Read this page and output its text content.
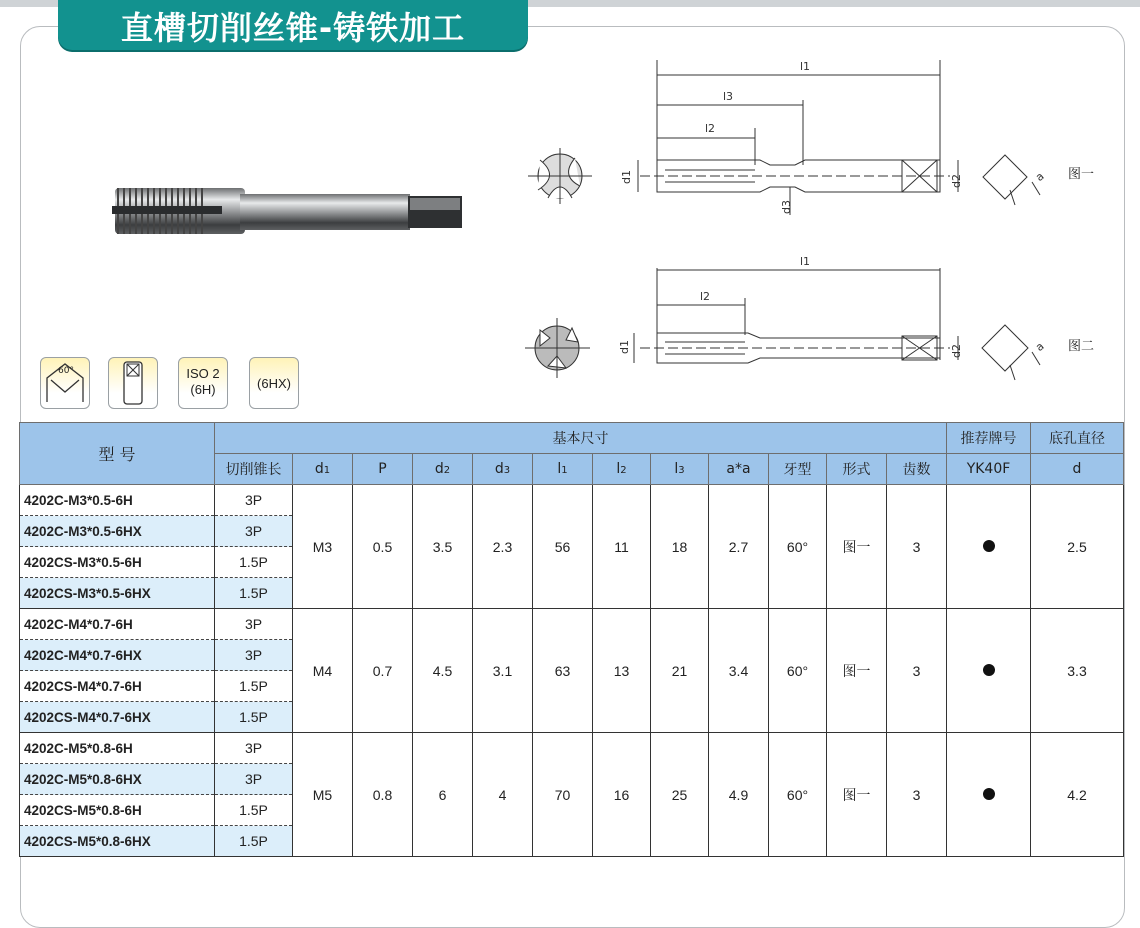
直槽切削丝锥-铸铁加工
l1
l3
l2
d1	d2
d3
a
l1
l2
d1	d2	a
图一
图二
60°	ISO 2
(6H)	(6HX)
型 号	基本尺寸												推荐牌号	底孔直径
	切削锥长	d1	P	d2	d3	l1	l2	l3	a*a	牙型	形式	齿数	YK40F	d
4202C-M3*0.5-6H	3P	M3	0.5	3.5	2.3	56	11	18	2.7	60°	图一	3		2.5
4202C-M3*0.5-6HX	3P													
4202CS-M3*0.5-6H	1.5P													
4202CS-M3*0.5-6HX	1.5P													
4202C-M4*0.7-6H	3P	M4	0.7	4.5	3.1	63	13	21	3.4	60°	图一	3		3.3
4202C-M4*0.7-6HX	3P													
4202CS-M4*0.7-6H	1.5P													
4202CS-M4*0.7-6HX	1.5P													
4202C-M5*0.8-6H	3P	M5	0.8	6	4	70	16	25	4.9	60°	图一	3		4.2
4202C-M5*0.8-6HX	3P													
4202CS-M5*0.8-6H	1.5P													
4202CS-M5*0.8-6HX	1.5P													
